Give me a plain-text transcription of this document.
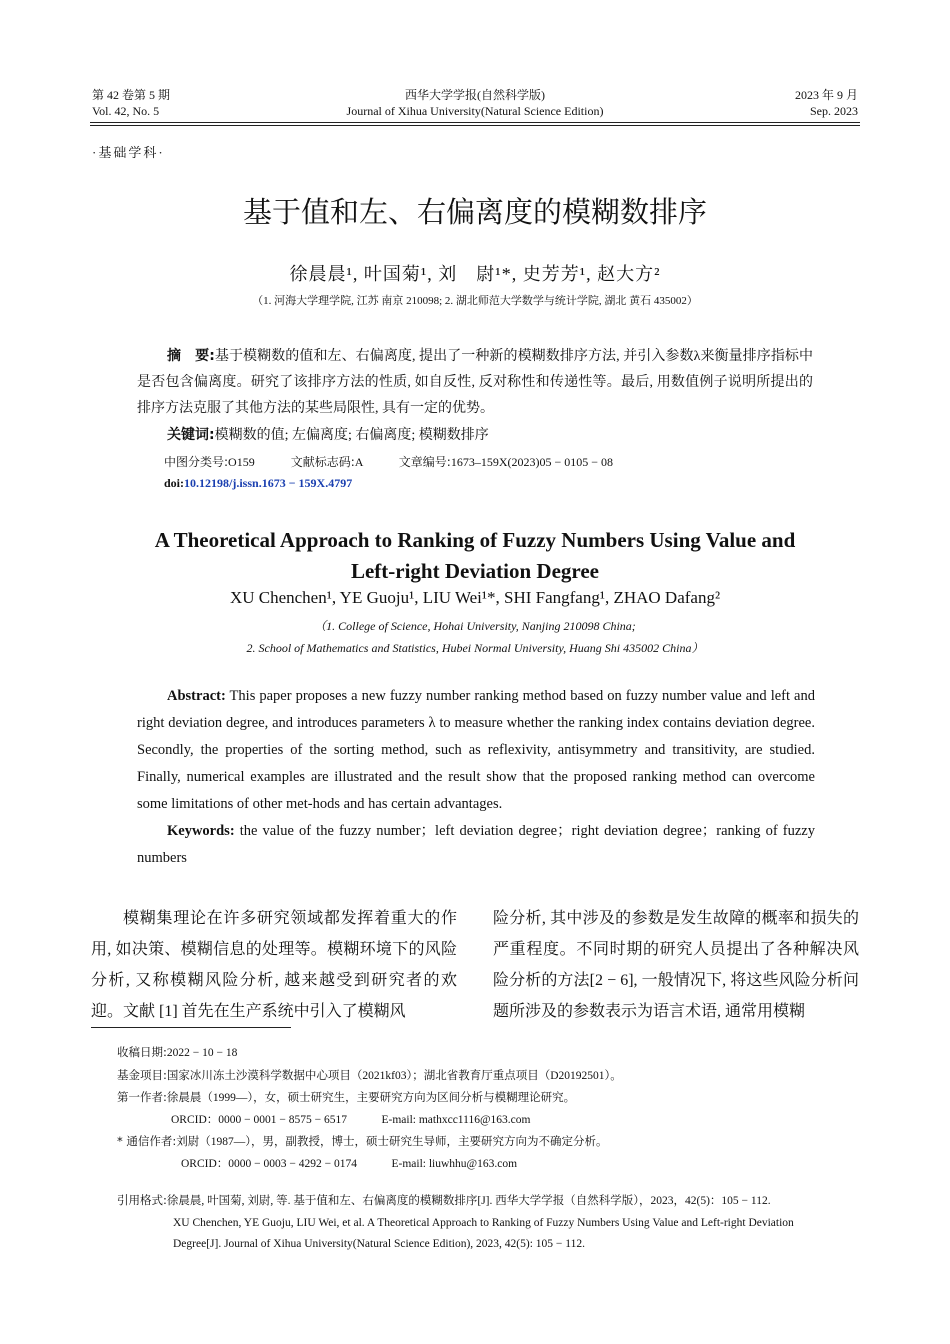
第 42 卷第 5 期
Vol. 42, No. 5
西华大学学报(自然科学版)
Journal of Xihua University(Natural Science Edition)
2023 年 9 月
Sep. 2023
·基础学科·
基于值和左、右偏离度的模糊数排序
徐晨晨¹, 叶国菊¹, 刘　尉¹*, 史芳芳¹, 赵大方²
（1. 河海大学理学院, 江苏 南京 210098; 2. 湖北师范大学数学与统计学院, 湖北 黄石 435002）
摘　要:基于模糊数的值和左、右偏离度, 提出了一种新的模糊数排序方法, 并引入参数λ来衡量排序指标中是否包含偏离度。研究了该排序方法的性质, 如自反性, 反对称性和传递性等。最后, 用数值例子说明所提出的排序方法克服了其他方法的某些局限性, 具有一定的优势。
关键词:模糊数的值; 左偏离度; 右偏离度; 模糊数排序
中图分类号:O159	文献标志码:A	文章编号:1673–159X(2023)05 − 0105 − 08
doi:10.12198/j.issn.1673 − 159X.4797
A Theoretical Approach to Ranking of Fuzzy Numbers Using Value and
Left-right Deviation Degree
XU Chenchen¹, YE Guoju¹, LIU Wei¹*, SHI Fangfang¹, ZHAO Dafang²
（1. College of Science, Hohai University, Nanjing 210098 China;
2. School of Mathematics and Statistics, Hubei Normal University, Huang Shi 435002 China）
Abstract: This paper proposes a new fuzzy number ranking method based on fuzzy number value and left and right deviation degree, and introduces parameters λ to measure whether the ranking index contains deviation degree. Secondly, the properties of the sorting method, such as reflexivity, antisymmetry and transitivity, are studied. Finally, numerical examples are illustrated and the result show that the proposed ranking method can overcome some limitations of other met-hods and has certain advantages.
Keywords: the value of the fuzzy number；left deviation degree；right deviation degree；ranking of fuzzy numbers
模糊集理论在许多研究领域都发挥着重大的作用, 如决策、模糊信息的处理等。模糊环境下的风险分析, 又称模糊风险分析, 越来越受到研究者的欢迎。文献 [1] 首先在生产系统中引入了模糊风
险分析, 其中涉及的参数是发生故障的概率和损失的严重程度。不同时期的研究人员提出了各种解决风险分析的方法[2 − 6], 一般情况下, 将这些风险分析问题所涉及的参数表示为语言术语, 通常用模糊
收稿日期:2022 − 10 − 18
基金项目:国家冰川冻土沙漠科学数据中心项目（2021kf03）；湖北省教育厅重点项目（D20192501）。
第一作者:徐晨晨（1999—），女，硕士研究生，主要研究方向为区间分析与模糊理论研究。
ORCID：0000 − 0001 − 8575 − 6517　　　E-mail: mathxcc1116@163.com
* 通信作者:刘尉（1987—），男，副教授，博士，硕士研究生导师，主要研究方向为不确定分析。
ORCID：0000 − 0003 − 4292 − 0174　　　E-mail: liuwhhu@163.com
引用格式:徐晨晨, 叶国菊, 刘尉, 等. 基于值和左、右偏离度的模糊数排序[J]. 西华大学学报（自然科学版），2023，42(5)：105 − 112.
XU Chenchen, YE Guoju, LIU Wei, et al. A Theoretical Approach to Ranking of Fuzzy Numbers Using Value and Left-right Deviation
Degree[J]. Journal of Xihua University(Natural Science Edition), 2023, 42(5): 105 − 112.
